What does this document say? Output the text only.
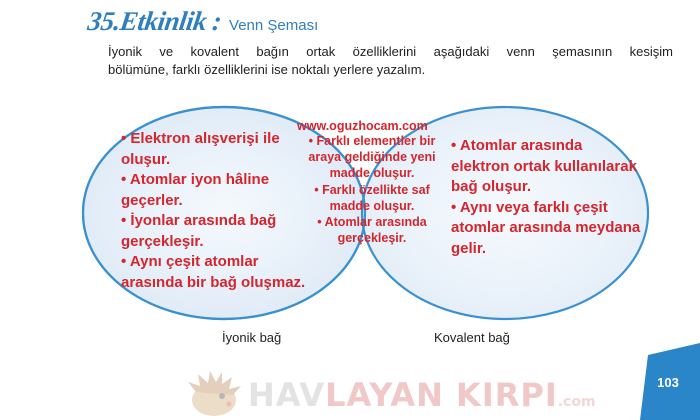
35.Etkinlik : Venn Şeması
İyonik ve kovalent bağın ortak özelliklerini aşağıdaki venn şemasının kesişim
bölümüne, farklı özelliklerini ise noktalı yerlere yazalım.
www.oguzhocam.com
• Elektron alışverişi ile oluşur.
• Atomlar iyon hâline geçerler.
• İyonlar arasında bağ gerçekleşir.
• Aynı çeşit atomlar arasında bir bağ oluşmaz.
• Farklı elementler bir araya geldiğinde yeni madde oluşur.
• Farklı özellikte saf madde oluşur.
• Atomlar arasında gerçekleşir.
• Atomlar arasında elektron ortak kullanılarak bağ oluşur.
• Aynı veya farklı çeşit atomlar arasında meydana gelir.
İyonik bağ	Kovalent bağ
103
HAVLAYAN KIRPI.com
